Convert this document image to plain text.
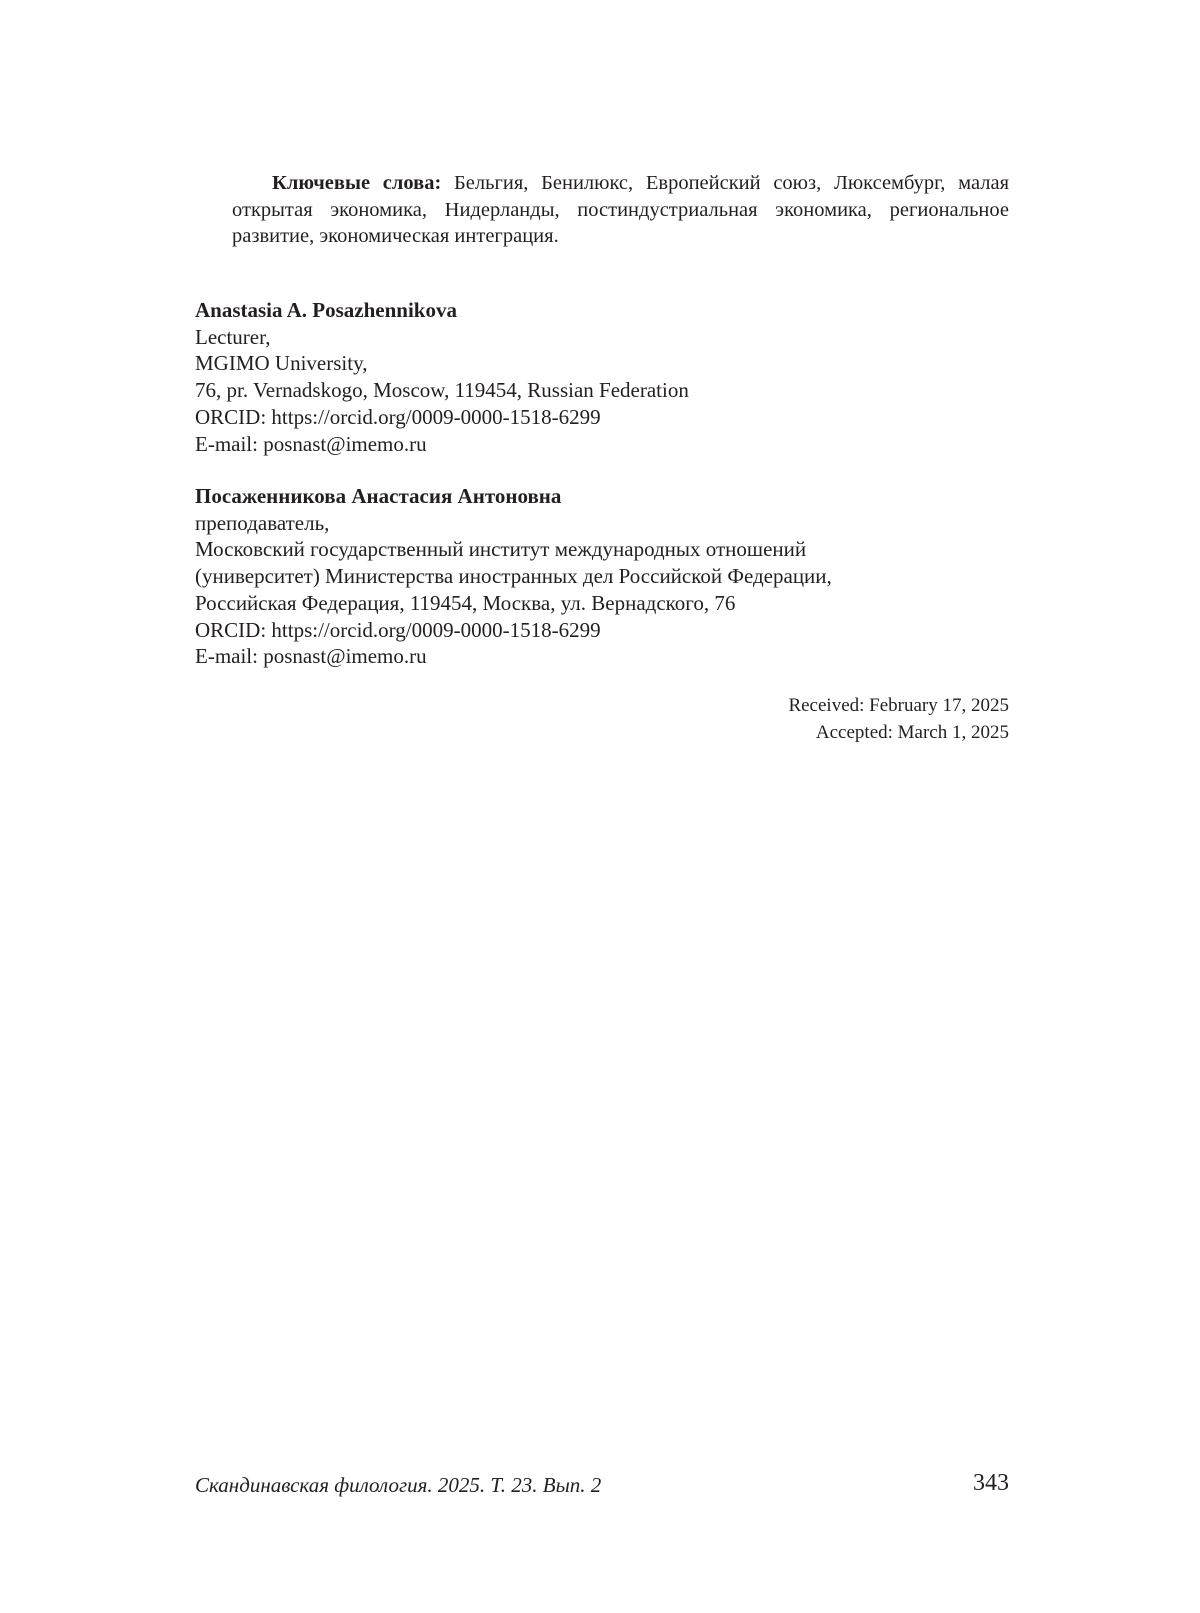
Ключевые слова: Бельгия, Бенилюкс, Европейский союз, Люксембург, малая открытая экономика, Нидерланды, постиндустриальная экономика, региональное развитие, экономическая интеграция.

Anastasia A. Posazhennikova
Lecturer,
MGIMO University,
76, pr. Vernadskogo, Moscow, 119454, Russian Federation
ORCID: https://orcid.org/0009-0000-1518-6299
E-mail: posnast@imemo.ru
Посаженникова Анастасия Антоновна
преподаватель,
Московский государственный институт международных отношений
(университет) Министерства иностранных дел Российской Федерации,
Российская Федерация, 119454, Москва, ул. Вернадского, 76
ORCID: https://orcid.org/0009-0000-1518-6299
E-mail: posnast@imemo.ru
Received: February 17, 2025
Accepted: March 1, 2025
Скандинавская филология. 2025. Т. 23. Вып. 2	343
